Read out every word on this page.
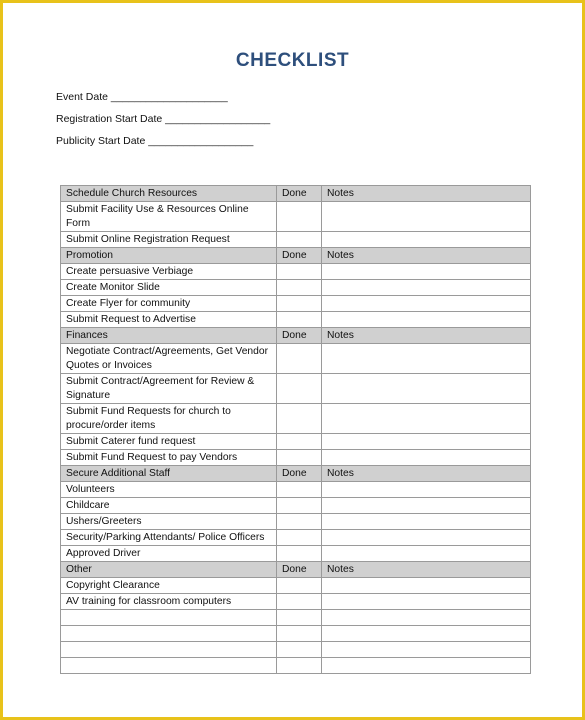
CHECKLIST
Event Date ____________________
Registration Start Date __________________
Publicity Start Date __________________
Schedule Church Resources	Done	Notes
Submit Facility Use & Resources Online Form		
Submit Online Registration Request		
Promotion	Done	Notes
Create persuasive Verbiage		
Create Monitor Slide		
Create Flyer for community		
Submit Request to Advertise		
Finances	Done	Notes
Negotiate Contract/Agreements, Get Vendor Quotes or Invoices		
Submit Contract/Agreement for Review & Signature		
Submit Fund Requests for church to procure/order items		
Submit Caterer fund request		
Submit Fund Request to pay Vendors		
Secure Additional Staff	Done	Notes
Volunteers		
Childcare		
Ushers/Greeters		
Security/Parking Attendants/ Police Officers		
Approved Driver		
Other	Done	Notes
Copyright Clearance		
AV training for classroom computers		
